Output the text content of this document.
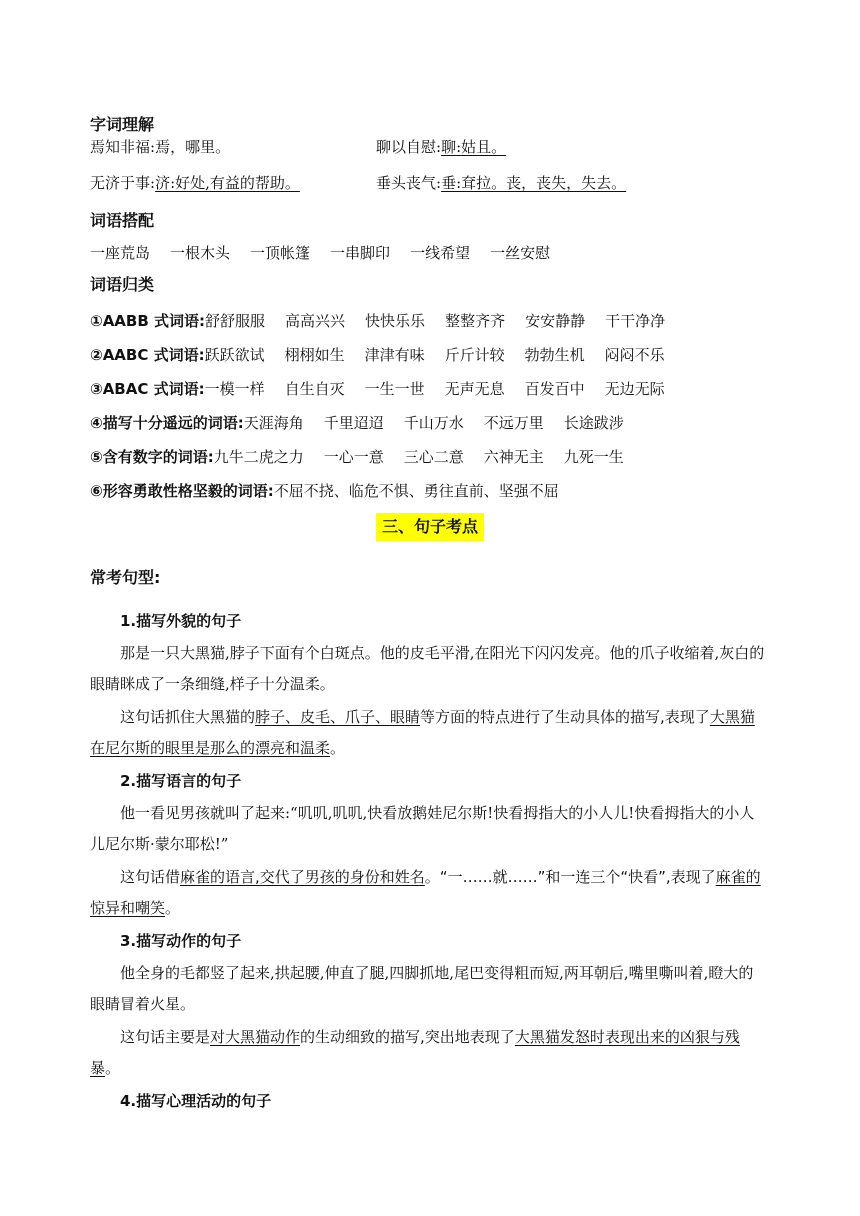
字词理解
焉知非福:焉，哪里。	聊以自慰:聊:姑且。
无济于事:济:好处,有益的帮助。	垂头丧气:垂:耷拉。丧，丧失，失去。
词语搭配
一座荒岛 一根木头 一顶帐篷 一串脚印 一线希望 一丝安慰
词语归类
①AABB 式词语:舒舒服服 高高兴兴 快快乐乐 整整齐齐 安安静静 干干净净
②AABC 式词语:跃跃欲试 栩栩如生 津津有味 斤斤计较 勃勃生机 闷闷不乐
③ABAC 式词语:一模一样 自生自灭 一生一世 无声无息 百发百中 无边无际
④描写十分遥远的词语:天涯海角 千里迢迢 千山万水 不远万里 长途跋涉
⑤含有数字的词语:九牛二虎之力 一心一意 三心二意 六神无主 九死一生
⑥形容勇敢性格坚毅的词语:不屈不挠、临危不惧、勇往直前、坚强不屈
三、句子考点
常考句型:
1.描写外貌的句子
那是一只大黑猫,脖子下面有个白斑点。他的皮毛平滑,在阳光下闪闪发亮。他的爪子收缩着,灰白的眼睛眯成了一条细缝,样子十分温柔。
这句话抓住大黑猫的脖子、皮毛、爪子、眼睛等方面的特点进行了生动具体的描写,表现了大黑猫在尼尔斯的眼里是那么的漂亮和温柔。
2.描写语言的句子
他一看见男孩就叫了起来:“叽叽,叽叽,快看放鹅娃尼尔斯!快看拇指大的小人儿!快看拇指大的小人儿尼尔斯·蒙尔耶松!”
这句话借麻雀的语言,交代了男孩的身份和姓名。“一……就……”和一连三个“快看”,表现了麻雀的惊异和嘲笑。
3.描写动作的句子
他全身的毛都竖了起来,拱起腰,伸直了腿,四脚抓地,尾巴变得粗而短,两耳朝后,嘴里嘶叫着,瞪大的眼睛冒着火星。
这句话主要是对大黑猫动作的生动细致的描写,突出地表现了大黑猫发怒时表现出来的凶狠与残暴。
4.描写心理活动的句子
